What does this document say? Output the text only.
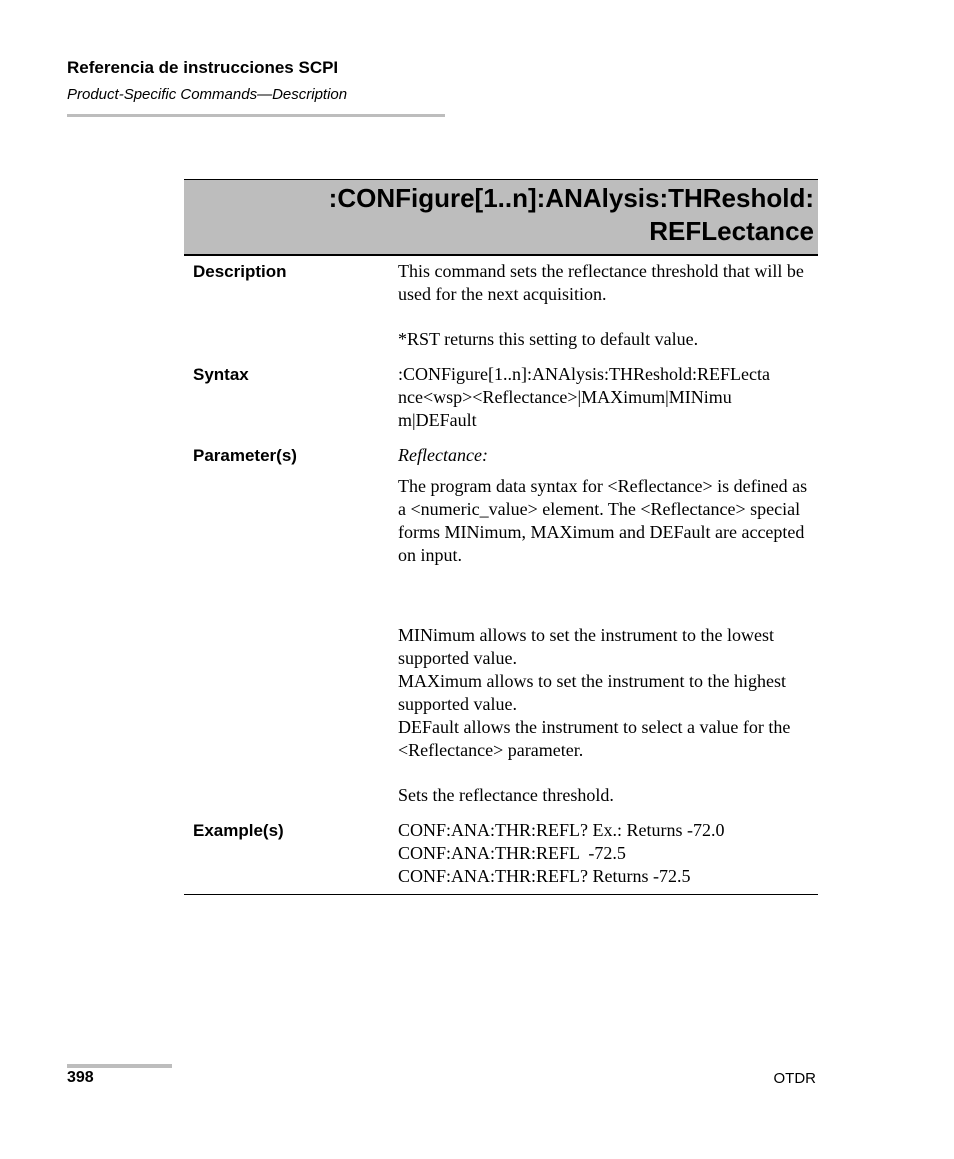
Referencia de instrucciones SCPI
Product-Specific Commands—Description
:CONFigure[1..n]:ANAlysis:THReshold:
REFLectance
Description	This command sets the reflectance threshold that will be used for the next acquisition.

*RST returns this setting to default value.

Syntax	:CONFigure[1..n]:ANAlysis:THReshold:REFLecta

nce<wsp><Reflectance>|MAXimum|MINimu

m|DEFault

Parameter(s)	Reflectance:

The program data syntax for <Reflectance> is defined as a <numeric_value> element. The <Reflectance> special forms MINimum, MAXimum and DEFault are accepted on input.

MINimum allows to set the instrument to the lowest supported value.

MAXimum allows to set the instrument to the highest supported value.

DEFault allows the instrument to select a value for the <Reflectance> parameter.

Sets the reflectance threshold.

Example(s)	CONF:ANA:THR:REFL? Ex.: Returns -72.0

CONF:ANA:THR:REFL  -72.5

CONF:ANA:THR:REFL? Returns -72.5

398	OTDR
